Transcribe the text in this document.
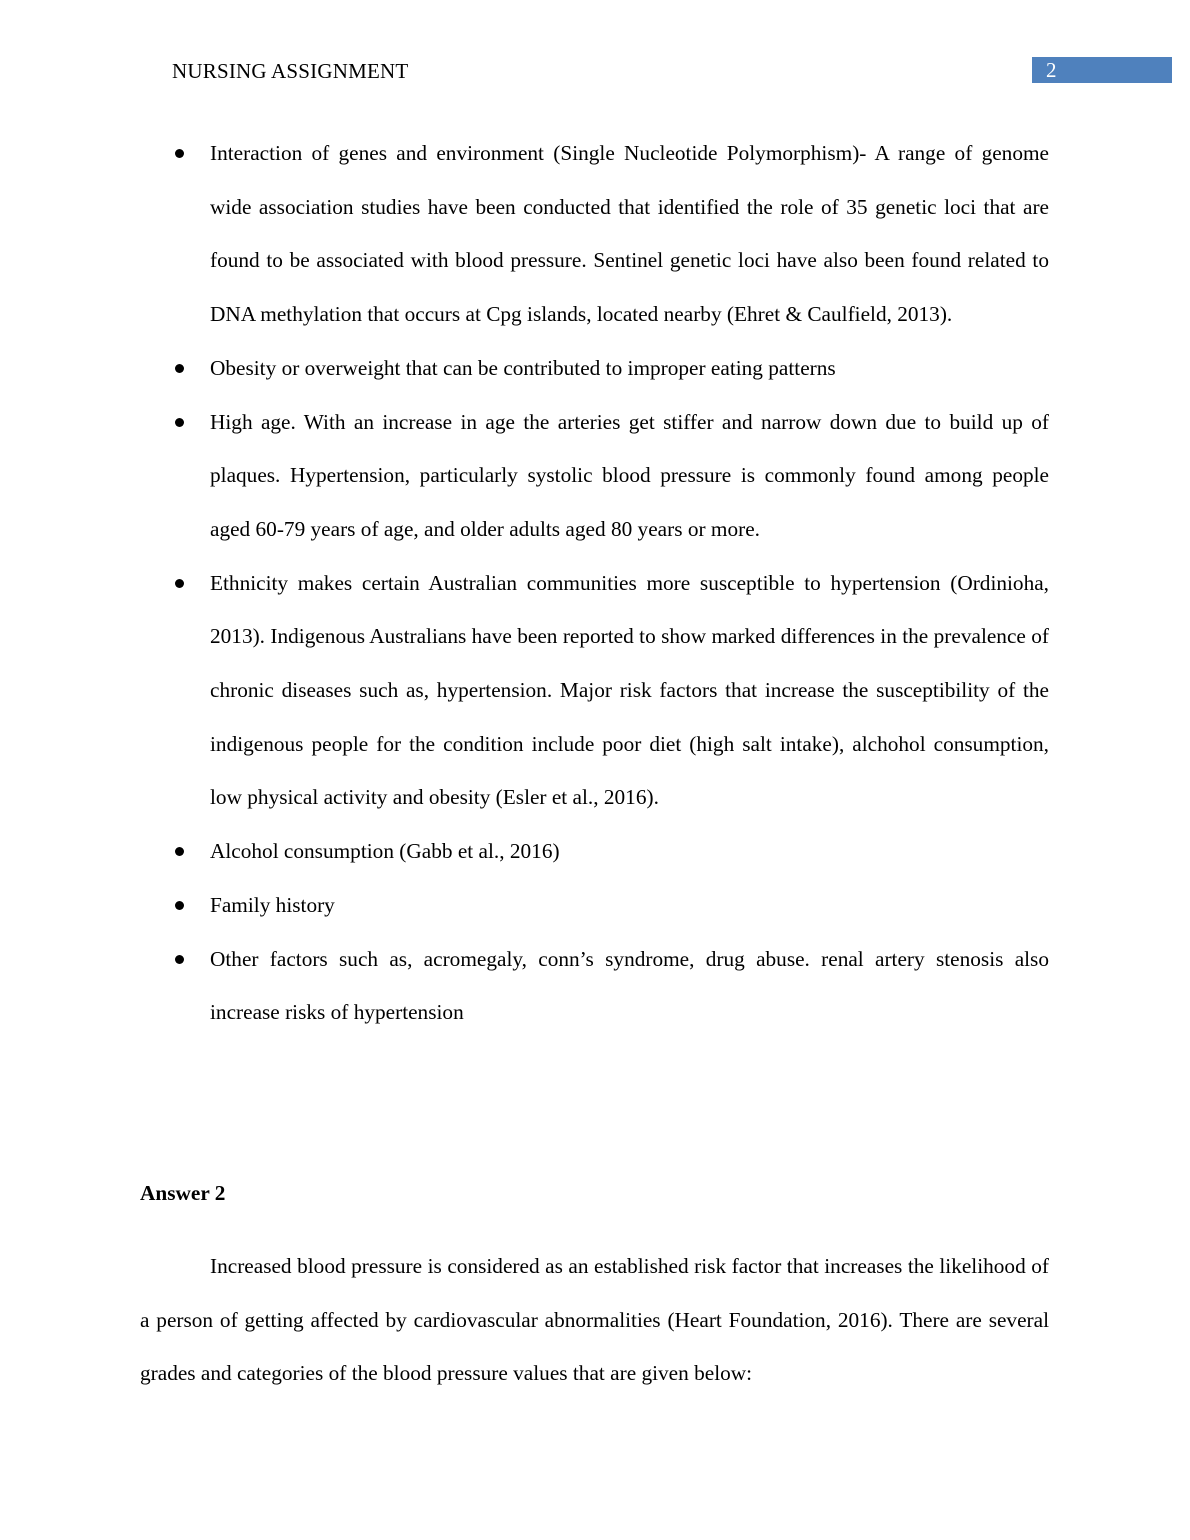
NURSING ASSIGNMENT	2
Interaction of genes and environment (Single Nucleotide Polymorphism)- A range of genome wide association studies have been conducted that identified the role of 35 genetic loci that are found to be associated with blood pressure. Sentinel genetic loci have also been found related to DNA methylation that occurs at Cpg islands, located nearby (Ehret & Caulfield, 2013).
Obesity or overweight that can be contributed to improper eating patterns
High age. With an increase in age the arteries get stiffer and narrow down due to build up of plaques. Hypertension, particularly systolic blood pressure is commonly found among people aged 60-79 years of age, and older adults aged 80 years or more.
Ethnicity makes certain Australian communities more susceptible to hypertension (Ordinioha, 2013). Indigenous Australians have been reported to show marked differences in the prevalence of chronic diseases such as, hypertension. Major risk factors that increase the susceptibility of the indigenous people for the condition include poor diet (high salt intake), alchohol consumption, low physical activity and obesity (Esler et al., 2016).
Alcohol consumption (Gabb et al., 2016)
Family history
Other factors such as, acromegaly, conn’s syndrome, drug abuse. renal artery stenosis also increase risks of hypertension
Answer 2

Increased blood pressure is considered as an established risk factor that increases the likelihood of a person of getting affected by cardiovascular abnormalities (Heart Foundation, 2016). There are several grades and categories of the blood pressure values that are given below:
